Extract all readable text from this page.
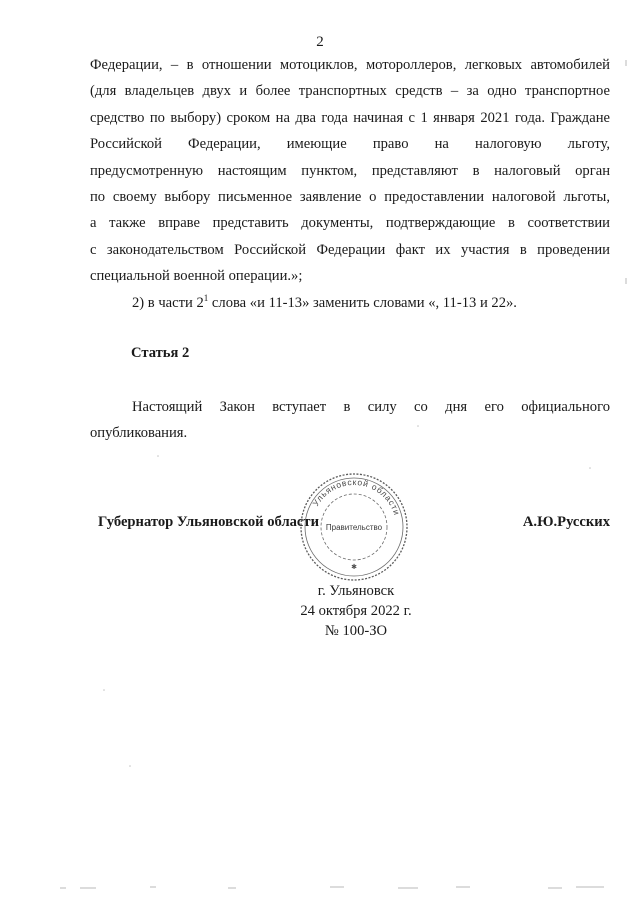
2

Федерации, – в отношении мотоциклов, мотороллеров, легковых автомобилей

(для владельцев двух и более транспортных средств – за одно транспортное

средство по выбору) сроком на два года начиная с 1 января 2021 года. Граждане

Российской Федерации, имеющие право на налоговую льготу,

предусмотренную настоящим пунктом, представляют в налоговый орган

по своему выбору письменное заявление о предоставлении налоговой льготы,

а также вправе представить документы, подтверждающие в соответствии

с законодательством Российской Федерации факт их участия в проведении

специальной военной операции.»;

2) в части $2^1$ слова «и 11-13» заменить словами «, 11-13 и 22».

Статья 2

Настоящий Закон вступает в силу со дня его официального

опубликования.

Губернатор Ульяновской области	А.Ю.Русских
Ульяновской области
Правительство
✱
г. Ульяновск
24 октября 2022 г.
№ 100-ЗО
